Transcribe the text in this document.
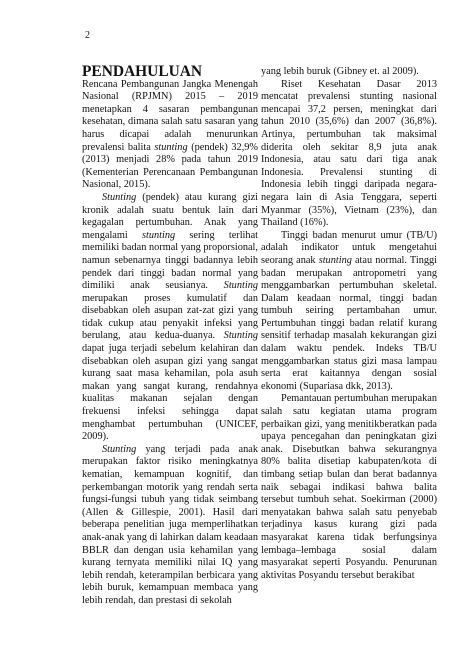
2
PENDAHULUAN

Rencana Pembangunan Jangka Menengah Nasional (RPJMN) 2015 – 2019 menetapkan 4 sasaran pembangunan kesehatan, dimana salah satu sasaran yang harus dicapai adalah menurunkan prevalensi balita stunting (pendek) 32,9% (2013) menjadi 28% pada tahun 2019 (Kementerian Perencanaan Pembangunan Nasional, 2015).

Stunting (pendek) atau kurang gizi kronik adalah suatu bentuk lain dari kegagalan pertumbuhan. Anak yang mengalami stunting sering terlihat memiliki badan normal yang proporsional, namun sebenarnya tinggi badannya lebih pendek dari tinggi badan normal yang dimiliki anak seusianya. Stunting merupakan proses kumulatif dan disebabkan oleh asupan zat-zat gizi yang tidak cukup atau penyakit infeksi yang berulang, atau kedua-duanya. Stunting dapat juga terjadi sebelum kelahiran dan disebabkan oleh asupan gizi yang sangat kurang saat masa kehamilan, pola asuh makan yang sangat kurang, rendahnya kualitas makanan sejalan dengan frekuensi infeksi sehingga dapat menghambat pertumbuhan (UNICEF, 2009).

Stunting yang terjadi pada anak merupakan faktor risiko meningkatnya kematian, kemampuan kognitif, dan perkembangan motorik yang rendah serta fungsi-fungsi tubuh yang tidak seimbang (Allen & Gillespie, 2001). Hasil dari beberapa penelitian juga memperlihatkan anak-anak yang di lahirkan dalam keadaan BBLR dan dengan usia kehamilan yang kurang ternyata memiliki nilai IQ yang lebih rendah, keterampilan berbicara yang lebih buruk, kemampuan membaca yang lebih rendah, dan prestasi di sekolah

yang lebih buruk (Gibney et. al 2009).

Riset Kesehatan Dasar 2013 mencatat prevalensi stunting nasional mencapai 37,2 persen, meningkat dari tahun 2010 (35,6%) dan 2007 (36,8%). Artinya, pertumbuhan tak maksimal diderita oleh sekitar 8,9 juta anak Indonesia, atau satu dari tiga anak Indonesia. Prevalensi stunting di Indonesia lebih tinggi daripada negara-negara lain di Asia Tenggara, seperti Myanmar (35%), Vietnam (23%), dan Thailand (16%).

Tinggi badan menurut umur (TB/U) adalah indikator untuk mengetahui seorang anak stunting atau normal. Tinggi badan merupakan antropometri yang menggambarkan pertumbuhan skeletal. Dalam keadaan normal, tinggi badan tumbuh seiring pertambahan umur. Pertumbuhan tinggi badan relatif kurang sensitif terhadap masalah kekurangan gizi dalam waktu pendek. Indeks TB/U menggambarkan status gizi masa lampau serta erat kaitannya dengan sosial ekonomi (Supariasa dkk, 2013).

Pemantauan pertumbuhan merupakan salah satu kegiatan utama program perbaikan gizi, yang menitikberatkan pada upaya pencegahan dan peningkatan gizi anak. Disebutkan bahwa sekurangnya 80% balita disetiap kabupaten/kota di timbang setiap bulan dan berat badannya naik sebagai indikasi bahwa balita tersebut tumbuh sehat. Soekirman (2000) menyatakan bahwa salah satu penyebab terjadinya kasus kurang gizi pada masyarakat karena tidak berfungsinya lembaga–lembaga sosial dalam masyarakat seperti Posyandu. Penurunan aktivitas Posyandu tersebut berakibat
